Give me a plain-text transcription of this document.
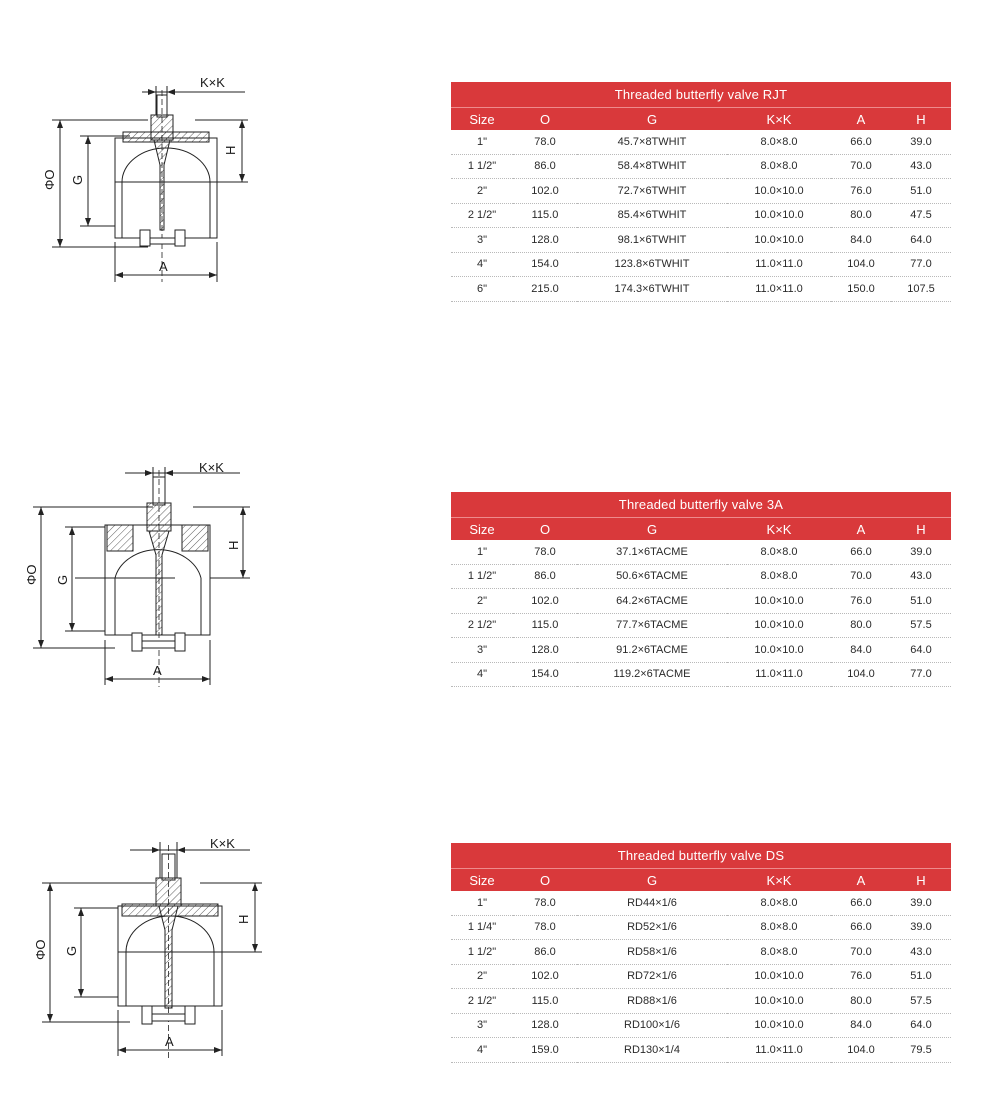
K×K
H
ΦO G
A
Threaded butterfly valve RJT					
Size	O	G	K×K	A	H
1"	78.0	45.7×8TWHIT	8.0×8.0	66.0	39.0
1 1/2"	86.0	58.4×8TWHIT	8.0×8.0	70.0	43.0
2"	102.0	72.7×6TWHIT	10.0×10.0	76.0	51.0
2 1/2"	115.0	85.4×6TWHIT	10.0×10.0	80.0	47.5
3"	128.0	98.1×6TWHIT	10.0×10.0	84.0	64.0
4"	154.0	123.8×6TWHIT	11.0×11.0	104.0	77.0
6"	215.0	174.3×6TWHIT	11.0×11.0	150.0	107.5
K×K
H
ΦO G
A
Threaded butterfly valve 3A					
Size	O	G	K×K	A	H
1"	78.0	37.1×6TACME	8.0×8.0	66.0	39.0
1 1/2"	86.0	50.6×6TACME	8.0×8.0	70.0	43.0
2"	102.0	64.2×6TACME	10.0×10.0	76.0	51.0
2 1/2"	115.0	77.7×6TACME	10.0×10.0	80.0	57.5
3"	128.0	91.2×6TACME	10.0×10.0	84.0	64.0
4"	154.0	119.2×6TACME	11.0×11.0	104.0	77.0
K×K
H
ΦO G
A
Threaded butterfly valve DS					
Size	O	G	K×K	A	H
1"	78.0	RD44×1/6	8.0×8.0	66.0	39.0
1 1/4"	78.0	RD52×1/6	8.0×8.0	66.0	39.0
1 1/2"	86.0	RD58×1/6	8.0×8.0	70.0	43.0
2"	102.0	RD72×1/6	10.0×10.0	76.0	51.0
2 1/2"	115.0	RD88×1/6	10.0×10.0	80.0	57.5
3"	128.0	RD100×1/6	10.0×10.0	84.0	64.0
4"	159.0	RD130×1/4	11.0×11.0	104.0	79.5
